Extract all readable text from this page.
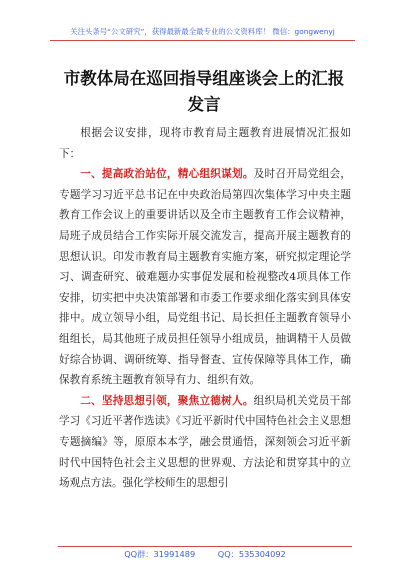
关注头条号“公文研究”，获得最新最全最专业的公文资料库！ 微信：gongwenyj
市教体局在巡回指导组座谈会上的汇报发言

根据会议安排，现将市教育局主题教育进展情况汇报如下：

一、提高政治站位，精心组织谋划。及时召开局党组会，专题学习习近平总书记在中央政治局第四次集体学习中央主题教育工作会议上的重要讲话以及全市主题教育工作会议精神，局班子成员结合工作实际开展交流发言，提高开展主题教育的思想认识。印发市教育局主题教育实施方案，研究拟定理论学习、调查研究、破难题办实事促发展和检视整改4项具体工作安排，切实把中央决策部署和市委工作要求细化落实到具体安排中。成立领导小组，局党组书记、局长担任主题教育领导小组组长，局其他班子成员担任领导小组成员，抽调精干人员做好综合协调、调研统筹、指导督查、宣传保障等具体工作，确保教育系统主题教育领导有力、组织有效。

二、坚持思想引领，聚焦立德树人。组织局机关党员干部学习《习近平著作选读》《习近平新时代中国特色社会主义思想专题摘编》等，原原本本学，融会贯通悟，深刻领会习近平新时代中国特色社会主义思想的世界观、方法论和贯穿其中的立场观点方法。强化学校师生的思想引

QQ群：31991489	QQ：535304092
